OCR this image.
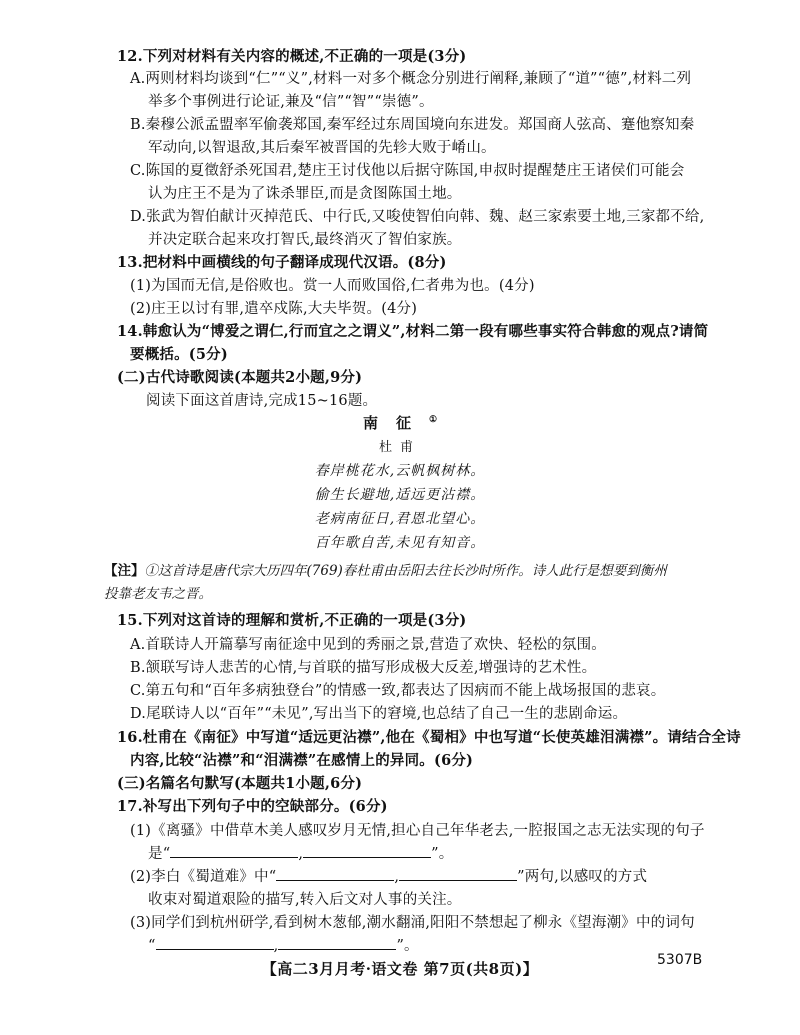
12.下列对材料有关内容的概述,不正确的一项是(3分)
A.两则材料均谈到“仁”“义”,材料一对多个概念分别进行阐释,兼顾了“道”“德”,材料二列
举多个事例进行论证,兼及“信”“智”“崇德”。
B.秦穆公派孟盟率军偷袭郑国,秦军经过东周国境向东进发。郑国商人弦高、蹇他察知秦
军动向,以智退敌,其后秦军被晋国的先轸大败于崤山。
C.陈国的夏徵舒杀死国君,楚庄王讨伐他以后据守陈国,申叔时提醒楚庄王诸侯们可能会
认为庄王不是为了诛杀罪臣,而是贪图陈国土地。
D.张武为智伯献计灭掉范氏、中行氏,又唆使智伯向韩、魏、赵三家索要土地,三家都不给,
并决定联合起来攻打智氏,最终消灭了智伯家族。
13.把材料中画横线的句子翻译成现代汉语。(8分)
(1)为国而无信,是俗败也。赏一人而败国俗,仁者弗为也。(4分)
(2)庄王以讨有罪,遣卒戍陈,大夫毕贺。(4分)
14.韩愈认为“博爱之谓仁,行而宜之之谓义”,材料二第一段有哪些事实符合韩愈的观点?请简
要概括。(5分)
(二)古代诗歌阅读(本题共2小题,9分)
阅读下面这首唐诗,完成15~16题。
南征①
杜甫
春岸桃花水,云帆枫树林。
偷生长避地,适远更沾襟。
老病南征日,君恩北望心。
百年歌自苦,未见有知音。
【注】①这首诗是唐代宗大历四年(769)春杜甫由岳阳去往长沙时所作。诗人此行是想要到衡州
投靠老友韦之晋。
15.下列对这首诗的理解和赏析,不正确的一项是(3分)
A.首联诗人开篇摹写南征途中见到的秀丽之景,营造了欢快、轻松的氛围。
B.颔联写诗人悲苦的心情,与首联的描写形成极大反差,增强诗的艺术性。
C.第五句和“百年多病独登台”的情感一致,都表达了因病而不能上战场报国的悲哀。
D.尾联诗人以“百年”“未见”,写出当下的窘境,也总结了自己一生的悲剧命运。
16.杜甫在《南征》中写道“适远更沾襟”,他在《蜀相》中也写道“长使英雄泪满襟”。请结合全诗
内容,比较“沾襟”和“泪满襟”在感情上的异同。(6分)
(三)名篇名句默写(本题共1小题,6分)
17.补写出下列句子中的空缺部分。(6分)
(1)《离骚》中借草木美人感叹岁月无情,担心自己年华老去,一腔报国之志无法实现的句子
是“	,	”。
(2)李白《蜀道难》中“	,	”两句,以感叹的方式
收束对蜀道艰险的描写,转入后文对人事的关注。
(3)同学们到杭州研学,看到树木葱郁,潮水翻涌,阳阳不禁想起了柳永《望海潮》中的词句
“	,	”。
【高二3月月考·语文卷 第7页(共8页)】	5307B
